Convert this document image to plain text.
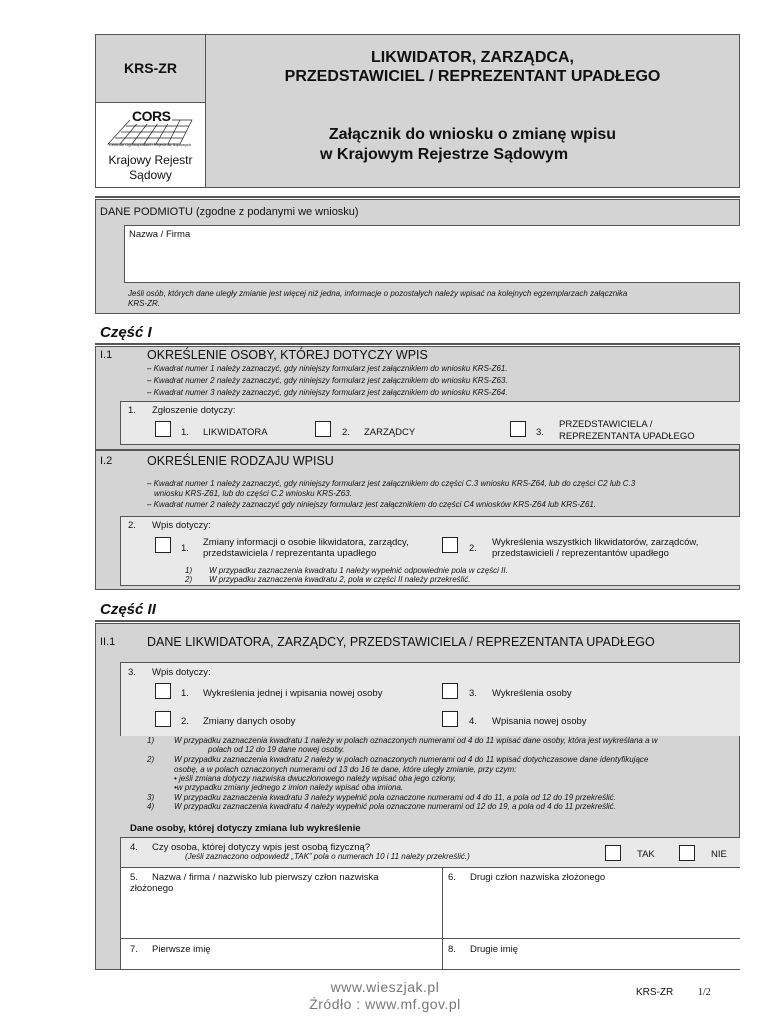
KRS-ZR
CORS
Centrum Ogólnopolskich Rejestrów Sądowych
Krajowy Rejestr
Sądowy
LIKWIDATOR, ZARZĄDCA,
PRZEDSTAWICIEL / REPREZENTANT UPADŁEGO
Załącznik do wniosku o zmianę wpisu
w Krajowym Rejestrze Sądowym
DANE PODMIOTU (zgodne z podanymi we wniosku)
Nazwa / Firma
Jeśli osób, których dane uległy zmianie jest więcej niż jedna, informacje o pozostałych należy wpisać na kolejnych egzemplarzach załącznika
KRS-ZR.
Część I
I.1	OKREŚLENIE OSOBY, KTÓREJ DOTYCZY WPIS
– Kwadrat numer 1 należy zaznaczyć, gdy niniejszy formularz jest załącznikiem do wniosku KRS-Z61.
– Kwadrat numer 2 należy zaznaczyć, gdy niniejszy formularz jest załącznikiem do wniosku KRS-Z63.
– Kwadrat numer 3 należy zaznaczyć, gdy niniejszy formularz jest załącznikiem do wniosku KRS-Z64.
1. Zgłoszenie dotyczy:
1. LIKWIDATORA	2. ZARZĄDCY	3.
PRZEDSTAWICIELA /
REPREZENTANTA UPADŁEGO
I.2	OKREŚLENIE RODZAJU WPISU
– Kwadrat numer 1 należy zaznaczyć, gdy niniejszy formularz jest załącznikiem do części C.3 wniosku KRS-Z64, lub do części C2 lub C.3
wniosku KRS-Z61, lub do części C.2 wniosku KRS-Z63.
– Kwadrat numer 2 należy zaznaczyć gdy niniejszy formularz jest załącznikiem do części C4 wniosków KRS-Z64 lub KRS-Z61.
2. Wpis dotyczy:
1.
Zmiany informacji o osobie likwidatora, zarządcy,
przedstawiciela / reprezentanta upadłego	2.
Wykreślenia wszystkich likwidatorów, zarządców,
przedstawicieli / reprezentantów upadłego
1) W przypadku zaznaczenia kwadratu 1 należy wypełnić odpowiednie pola w części II.
2) W przypadku zaznaczenia kwadratu 2, pola w części II należy przekreślić.
Część II
II.1	DANE LIKWIDATORA, ZARZĄDCY, PRZEDSTAWICIELA / REPREZENTANTA UPADŁEGO
3. Wpis dotyczy:
1. Wykreślenia jednej i wpisania nowej osoby	3. Wykreślenia osoby
2. Zmiany danych osoby	4. Wpisania nowej osoby
1) W przypadku zaznaczenia kwadratu 1 należy w polach oznaczonych numerami od 4 do 11 wpisać dane osoby, która jest wykreślana a w
polach od 12 do 19 dane nowej osoby.
2) W przypadku zaznaczenia kwadratu 2 należy w polach oznaczonych numerami od 4 do 11 wpisać dotychczasowe dane identyfikujące
osobę, a w polach oznaczonych numerami od 13 do 16 te dane, które uległy zmianie, przy czym:
• jeśli zmiana dotyczy nazwiska dwuczłonowego należy wpisać oba jego człony,
•w przypadku zmiany jednego z imion należy wpisać oba imiona.
3) W przypadku zaznaczenia kwadratu 3 należy wypełnić pola oznaczone numerami od 4 do 11, a pola od 12 do 19 przekreślić.
4) W przypadku zaznaczenia kwadratu 4 należy wypełnić pola oznaczone numerami od 12 do 19, a pola od 4 do 11 przekreślić.
Dane osoby, której dotyczy zmiana lub wykreślenie
4. Czy osoba, której dotyczy wpis jest osobą fizyczną?
(Jeśli zaznaczono odpowiedź „TAK” pola o numerach 10 i 11 należy przekreślić.)	TAK	NIE
5. Nazwa / firma / nazwisko lub pierwszy człon nazwiska
złożonego
6. Drugi człon nazwiska złożonego
7. Pierwsze imię	8. Drugie imię
www.wieszjak.pl
Źródło : www.mf.gov.pl
KRS-ZR 1/2
